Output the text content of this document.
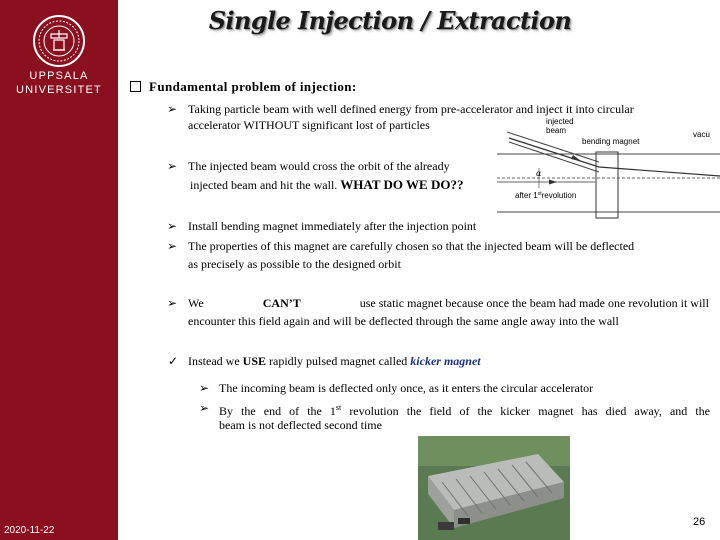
UPPSALA
UNIVERSITET
2020-11-22
Single Injection / Extraction
Fundamental problem of injection:
➢ Taking particle beam with well defined energy from pre-accelerator and inject it into circular
accelerator WITHOUT significant lost of particles
➢ The injected beam would cross the orbit of the already
injected beam and hit the wall. WHAT DO WE DO??
➢ Install bending magnet immediately after the injection point
➢ The properties of this magnet are carefully chosen so that the injected beam will be deflected
as precisely as possible to the designed orbit
➢ We	CAN’T	use static magnet because once the beam had made one revolution it will
encounter this field again and will be deflected through the same angle away into the wall
✓ Instead we USE rapidly pulsed magnet called kicker magnet
➢ The incoming beam is deflected only once, as it enters the circular accelerator
➢ By the end of the 1st revolution the field of the kicker magnet has died away, and the
beam is not deflected second time
α
injected
beam
bending magnet
vacu
after 1strevolution
26
